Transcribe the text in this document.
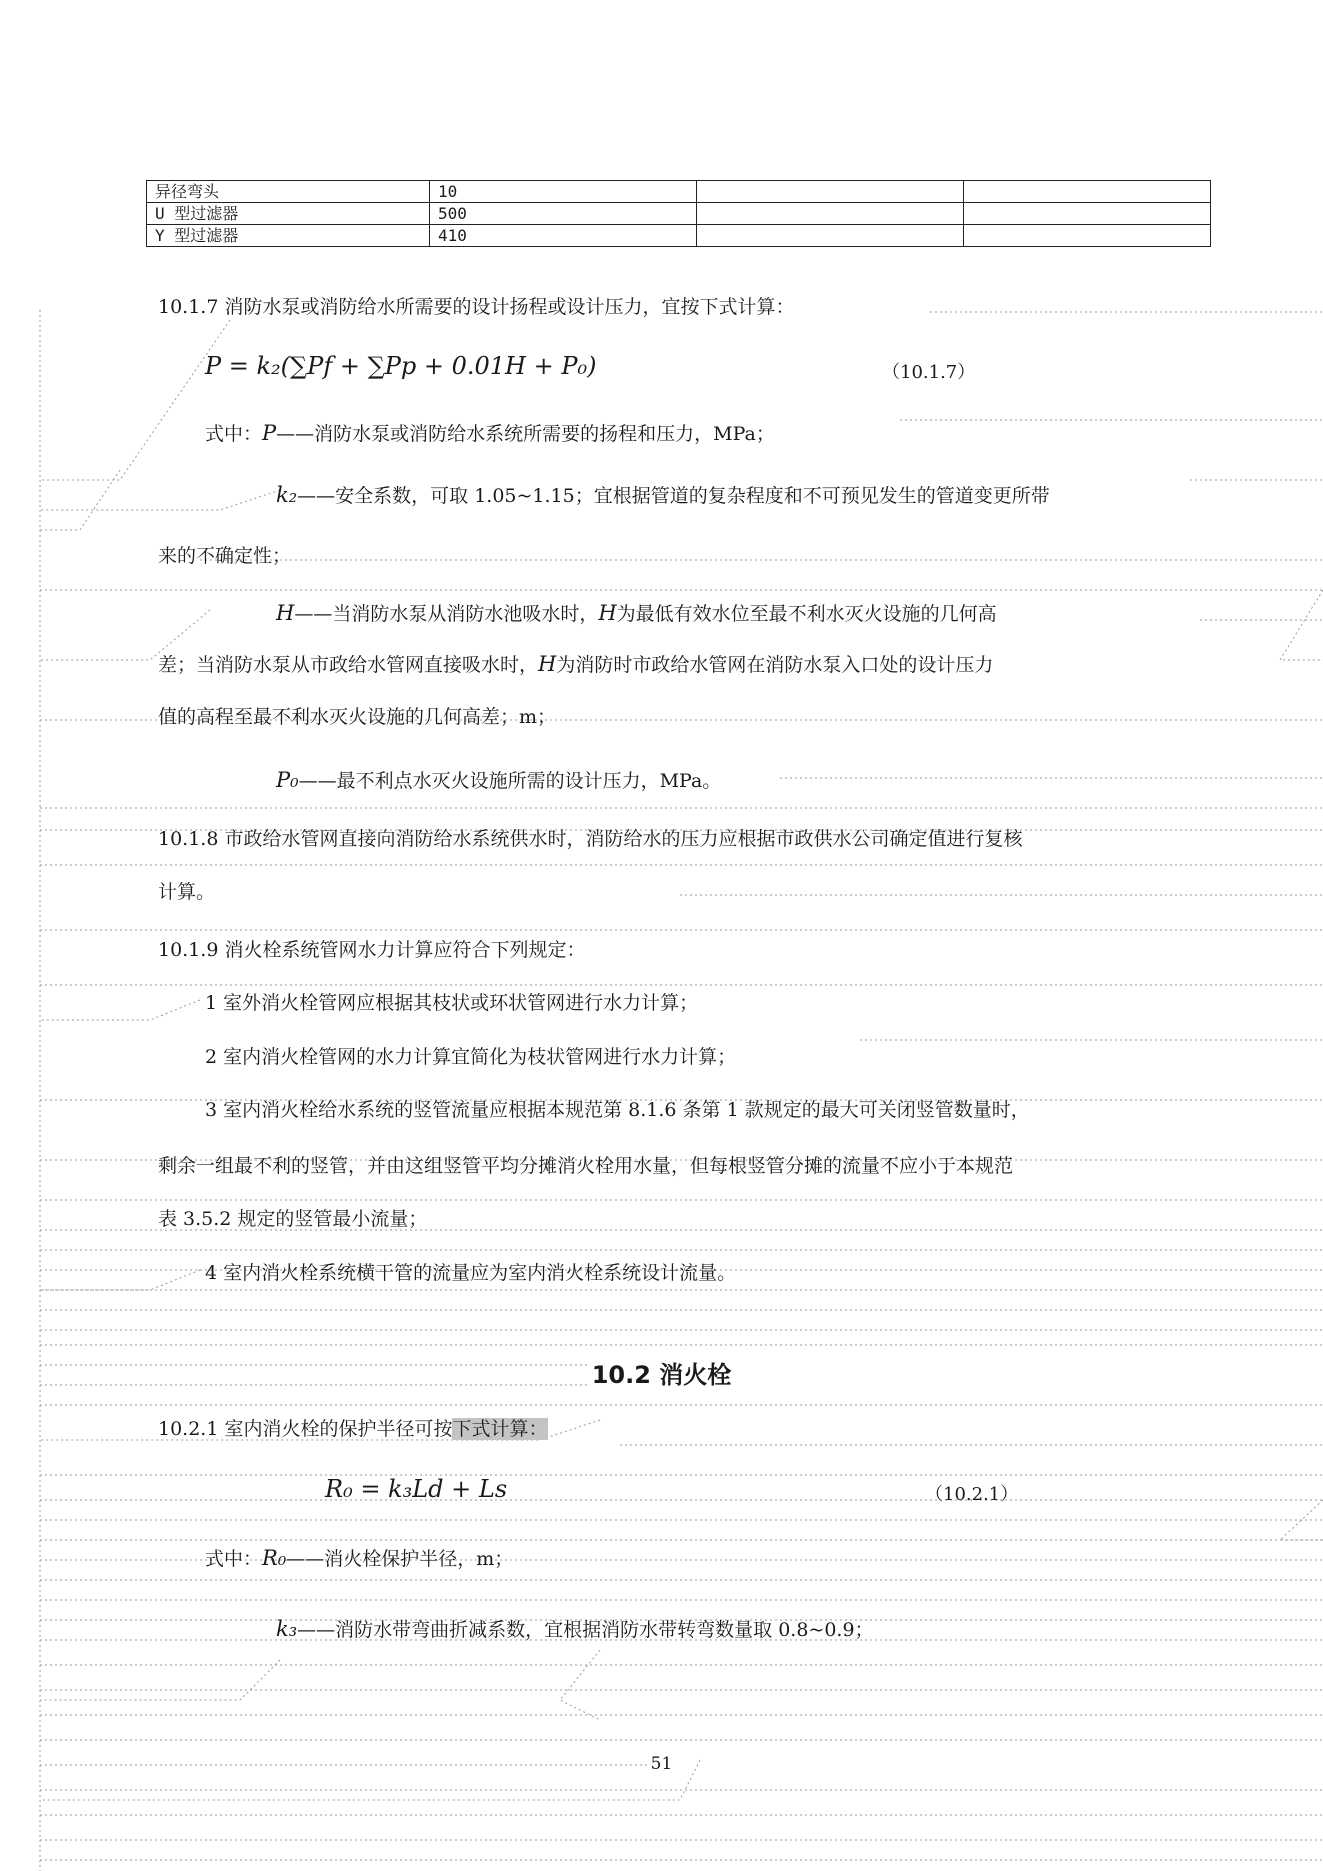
异径弯头	10		
U 型过滤器	500		
Y 型过滤器	410		
10.1.7 消防水泵或消防给水所需要的设计扬程或设计压力，宜按下式计算：
P = k₂(∑P𝑓 + ∑P𝑝 + 0.01H + P₀)	（10.1.7）
式中：P——消防水泵或消防给水系统所需要的扬程和压力，MPa；
k₂——安全系数，可取 1.05~1.15；宜根据管道的复杂程度和不可预见发生的管道变更所带
来的不确定性；
H——当消防水泵从消防水池吸水时，H为最低有效水位至最不利水灭火设施的几何高
差；当消防水泵从市政给水管网直接吸水时，H为消防时市政给水管网在消防水泵入口处的设计压力
值的高程至最不利水灭火设施的几何高差；m；
P₀——最不利点水灭火设施所需的设计压力，MPa。
10.1.8 市政给水管网直接向消防给水系统供水时，消防给水的压力应根据市政供水公司确定值进行复核
计算。
10.1.9 消火栓系统管网水力计算应符合下列规定：
1 室外消火栓管网应根据其枝状或环状管网进行水力计算；
2 室内消火栓管网的水力计算宜简化为枝状管网进行水力计算；
3 室内消火栓给水系统的竖管流量应根据本规范第 8.1.6 条第 1 款规定的最大可关闭竖管数量时，
剩余一组最不利的竖管，并由这组竖管平均分摊消火栓用水量，但每根竖管分摊的流量不应小于本规范
表 3.5.2 规定的竖管最小流量；
4 室内消火栓系统横干管的流量应为室内消火栓系统设计流量。
10.2 消火栓
10.2.1 室内消火栓的保护半径可按下式计算：
R₀ = k₃L𝑑 + L𝑠	（10.2.1）
式中：R₀——消火栓保护半径，m；
k₃——消防水带弯曲折减系数，宜根据消防水带转弯数量取 0.8~0.9；
51
